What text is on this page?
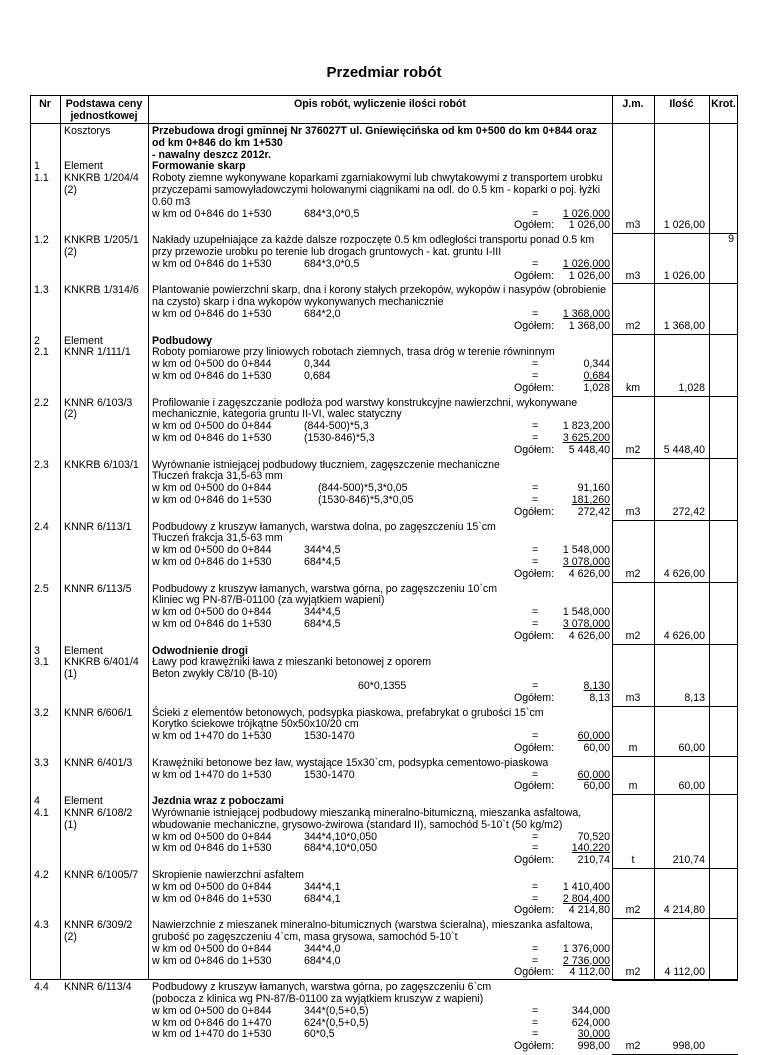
Przedmiar robót
Nr	Podstawa ceny
jednostkowej
Opis robót, wyliczenie ilości robót	J.m.	Ilość	Krot.
Kosztorys	Przebudowa drogi gminnej Nr 376027T ul. Gniewięcińska od km 0+500 do km 0+844 oraz
od km 0+846 do km 1+530
- nawalny deszcz 2012r.
1 Element	Formowanie skarp
1.1 KNKRB 1/204/4
(2)
Roboty ziemne wykonywane koparkami zgarniakowymi lub chwytakowymi z transportem urobku
przyczepami samowyładowczymi holowanymi ciągnikami na odl. do 0.5 km - koparki o poj. łyżki
0.60 m3
w km od 0+846 do 1+530	684*3,0*0,5	=	1 026,000
Ogółem:	1 026,00	m3	1 026,00
1.2 KNKRB 1/205/1
(2)
Nakłady uzupełniające za każde dalsze rozpoczęte 0.5 km odległości transportu ponad 0.5 km
przy przewozie urobku po terenie lub drogach gruntowych - kat. gruntu I-III
w km od 0+846 do 1+530	684*3,0*0,5	=	1 026,000
Ogółem:	1 026,00	m3	1 026,00
9
1.3 KNKRB 1/314/6 Plantowanie powierzchni skarp, dna i korony stałych przekopów, wykopów i nasypów (obrobienie
na czysto) skarp i dna wykopów wykonywanych mechanicznie
w km od 0+846 do 1+530	684*2,0	=	1 368,000
Ogółem:	1 368,00	m2	1 368,00
2 Element	Podbudowy
2.1 KNNR 1/111/1 Roboty pomiarowe przy liniowych robotach ziemnych, trasa dróg w terenie równinnym
w km od 0+500 do 0+844	0,344	=	0,344
w km od 0+846 do 1+530	0,684	=	0,684
Ogółem:	1,028	km	1,028
2.2 KNNR 6/103/3
(2)
Profilowanie i zagęszczanie podłoża pod warstwy konstrukcyjne nawierzchni, wykonywane
mechanicznie, kategoria gruntu II-VI, walec statyczny
w km od 0+500 do 0+844	(844-500)*5,3	=	1 823,200
w km od 0+846 do 1+530	(1530-846)*5,3	=	3 625,200
Ogółem:	5 448,40	m2	5 448,40
2.3 KNKRB 6/103/1 Wyrównanie istniejącej podbudowy tłuczniem, zagęszczenie mechaniczne
Tłuczeń frakcja 31,5-63 mm
w km od 0+500 do 0+844	(844-500)*5,3*0,05	=	91,160
w km od 0+846 do 1+530	(1530-846)*5,3*0,05	=	181,260
Ogółem:	272,42	m3	272,42
2.4 KNNR 6/113/1 Podbudowy z kruszyw łamanych, warstwa dolna, po zagęszczeniu 15`cm
Tłuczeń frakcja 31,5-63 mm
w km od 0+500 do 0+844	344*4,5	=	1 548,000
w km od 0+846 do 1+530	684*4,5	=	3 078,000
Ogółem:	4 626,00	m2	4 626,00
2.5 KNNR 6/113/5 Podbudowy z kruszyw łamanych, warstwa górna, po zagęszczeniu 10`cm
Kliniec wg PN-87/B-01100 (za wyjątkiem wapieni)
w km od 0+500 do 0+844	344*4,5	=	1 548,000
w km od 0+846 do 1+530	684*4,5	=	3 078,000
Ogółem:	4 626,00	m2	4 626,00
3 Element	Odwodnienie drogi
3.1 KNKRB 6/401/4
(1)
Ławy pod krawężniki ława z mieszanki betonowej z oporem
Beton zwykły C8/10 (B-10)
60*0,1355	=	8,130
Ogółem:	8,13	m3	8,13
3.2 KNNR 6/606/1 Ścieki z elementów betonowych, podsypka piaskowa, prefabrykat o grubości 15`cm
Korytko ściekowe trójkątne 50x50x10/20 cm
w km od 1+470 do 1+530	1530-1470	=	60,000
Ogółem:	60,00	m	60,00
3.3 KNNR 6/401/3 Krawężniki betonowe bez ław, wystające 15x30`cm, podsypka cementowo-piaskowa
w km od 1+470 do 1+530	1530-1470	=	60,000
Ogółem:	60,00	m	60,00
4 Element	Jezdnia wraz z poboczami
4.1 KNNR 6/108/2
(1)
Wyrównanie istniejącej podbudowy mieszanką mineralno-bitumiczną, mieszanka asfaltowa,
wbudowanie mechaniczne, grysowo-żwirowa (standard II), samochód 5-10`t (50 kg/m2)
w km od 0+500 do 0+844	344*4,10*0,050	=	70,520
w km od 0+846 do 1+530	684*4,10*0,050	=	140,220
Ogółem:	210,74	t	210,74
4.2 KNNR 6/1005/7 Skropienie nawierzchni asfaltem
w km od 0+500 do 0+844	344*4,1	=	1 410,400
w km od 0+846 do 1+530	684*4,1	=	2 804,400
Ogółem:	4 214,80	m2	4 214,80
4.3 KNNR 6/309/2
(2)
Nawierzchnie z mieszanek mineralno-bitumicznych (warstwa ścieralna), mieszanka asfaltowa,
grubość po zagęszczeniu 4`cm, masa grysowa, samochód 5-10`t
w km od 0+500 do 0+844	344*4,0	=	1 376,000
w km od 0+846 do 1+530	684*4,0	=	2 736,000
Ogółem:	4 112,00	m2	4 112,00
4.4 KNNR 6/113/4 Podbudowy z kruszyw łamanych, warstwa górna, po zagęszczeniu 6`cm
(pobocza z klinica wg PN-87/B-01100 za wyjątkiem kruszyw z wapieni)
w km od 0+500 do 0+844	344*(0,5+0,5)	=	344,000
w km od 0+846 do 1+470	624*(0,5+0,5)	=	624,000
w km od 1+470 do 1+530	60*0,5	=	30,000
Ogółem:	998,00	m2	998,00
